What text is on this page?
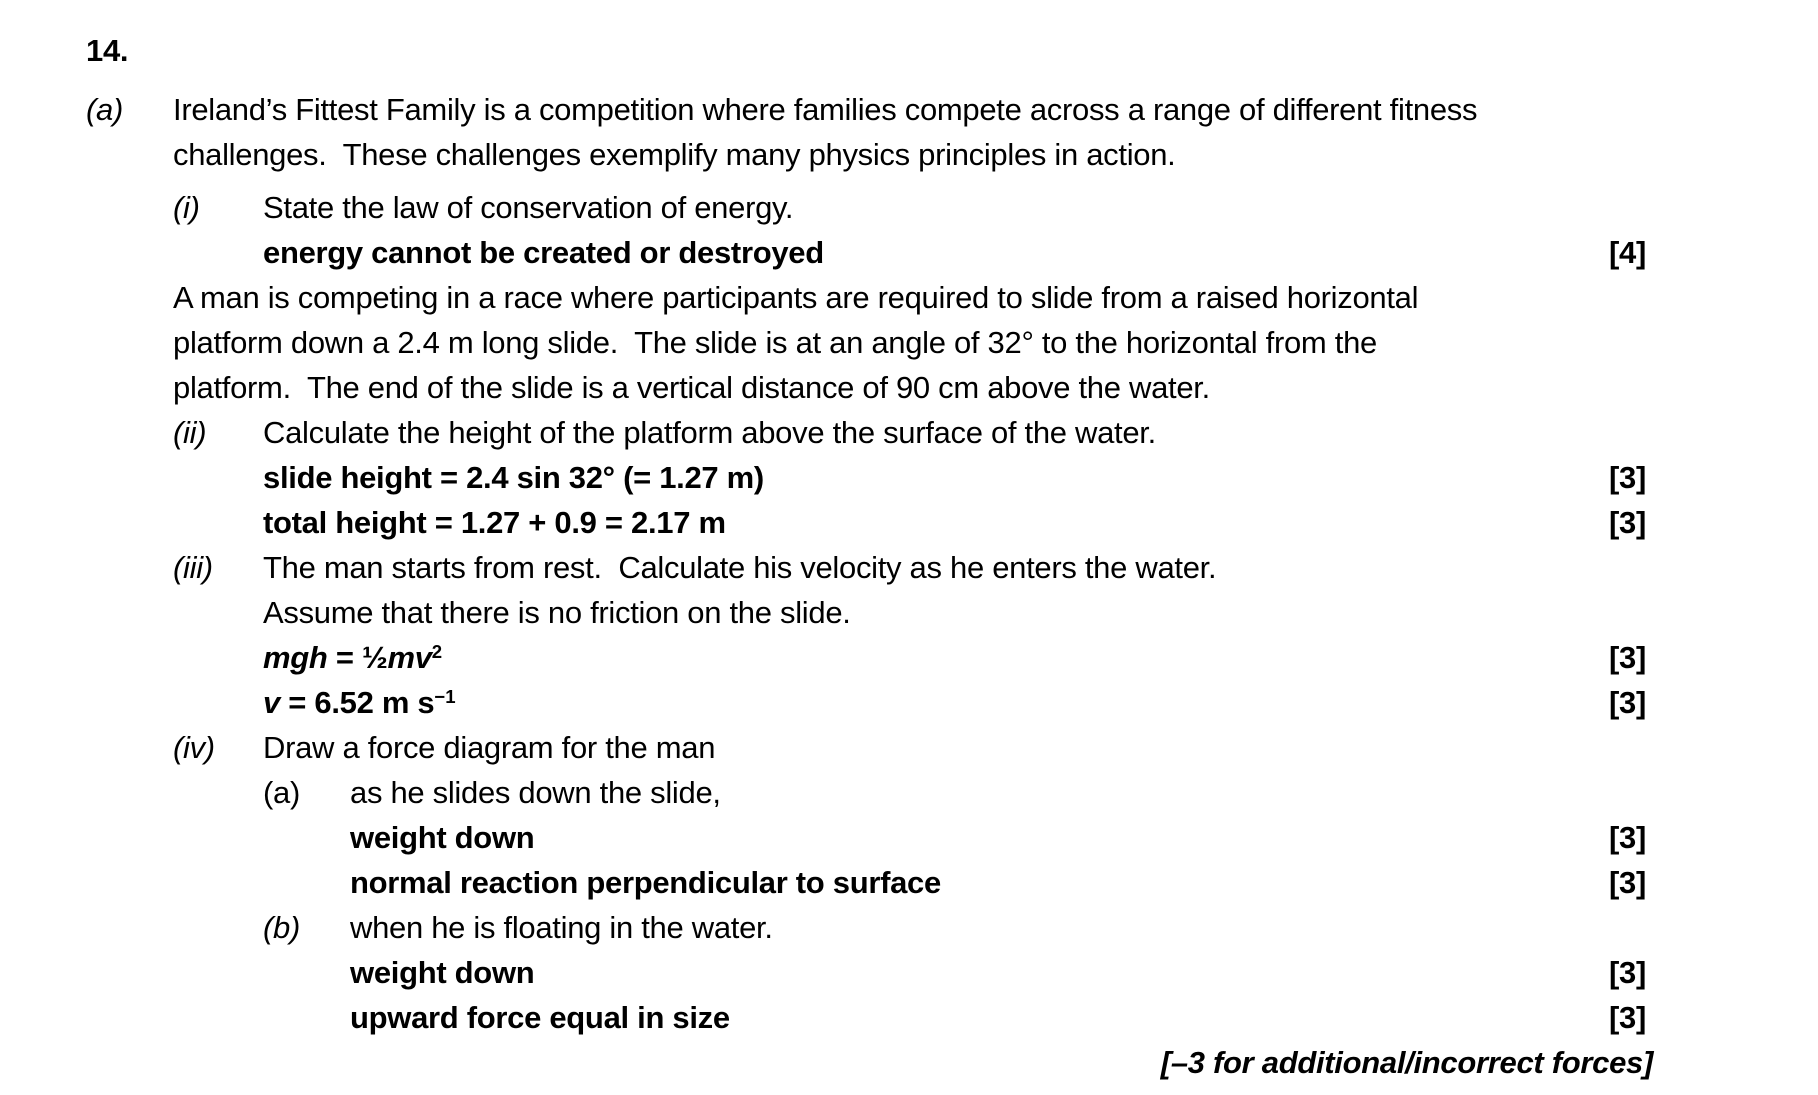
14.
(a) Ireland’s Fittest Family is a competition where families compete across a range of different fitness
challenges.  These challenges exemplify many physics principles in action.
(i) State the law of conservation of energy.
energy cannot be created or destroyed	[4]
A man is competing in a race where participants are required to slide from a raised horizontal
platform down a 2.4 m long slide.  The slide is at an angle of 32° to the horizontal from the
platform.  The end of the slide is a vertical distance of 90 cm above the water.
(ii) Calculate the height of the platform above the surface of the water.
slide height = 2.4 sin 32° (= 1.27 m)	[3]
total height = 1.27 + 0.9 = 2.17 m	[3]
(iii) The man starts from rest.  Calculate his velocity as he enters the water.
Assume that there is no friction on the slide.
mgh = $\frac{1}{2}mv^2$	[3]
v = 6.52 m $s^{-1}$	[3]
(iv) Draw a force diagram for the man
(a) as he slides down the slide,
weight down	[3]
normal reaction perpendicular to surface	[3]
(b) when he is floating in the water.
weight down	[3]
upward force equal in size	[3]
[–3 for additional/incorrect forces]
